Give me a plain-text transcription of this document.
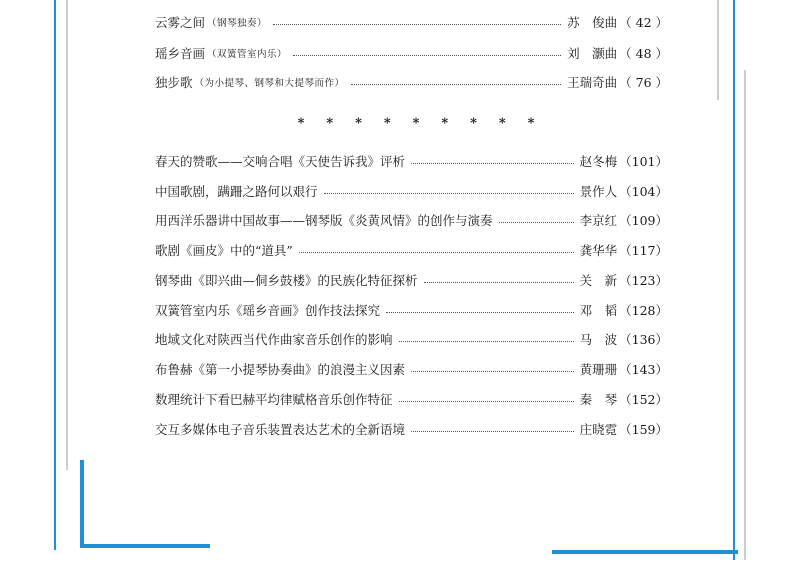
云雾之间 （钢琴独奏）	苏　俊曲 （ 42 ）
瑶乡音画 （双簧管室内乐）	刘　灏曲 （ 48 ）
独步歌 （为小提琴、钢琴和大提琴而作）	王瑞奇曲 （ 76 ）
* * * * * * * * *
春天的赞歌——交响合唱《天使告诉我》评析	赵冬梅 （101）
中国歌剧，蹒跚之路何以艰行	景作人 （104）
用西洋乐器讲中国故事——钢琴版《炎黄风情》的创作与演奏	李京红 （109）
歌剧《画皮》中的“道具”	龚华华 （117）
钢琴曲《即兴曲—侗乡鼓楼》的民族化特征探析	关　新 （123）
双簧管室内乐《瑶乡音画》创作技法探究	邓　韬 （128）
地域文化对陕西当代作曲家音乐创作的影响	马　波 （136）
布鲁赫《第一小提琴协奏曲》的浪漫主义因素	黄珊珊 （143）
数理统计下看巴赫平均律赋格音乐创作特征	秦　琴 （152）
交互多媒体电子音乐装置表达艺术的全新语境	庄晓霓 （159）
